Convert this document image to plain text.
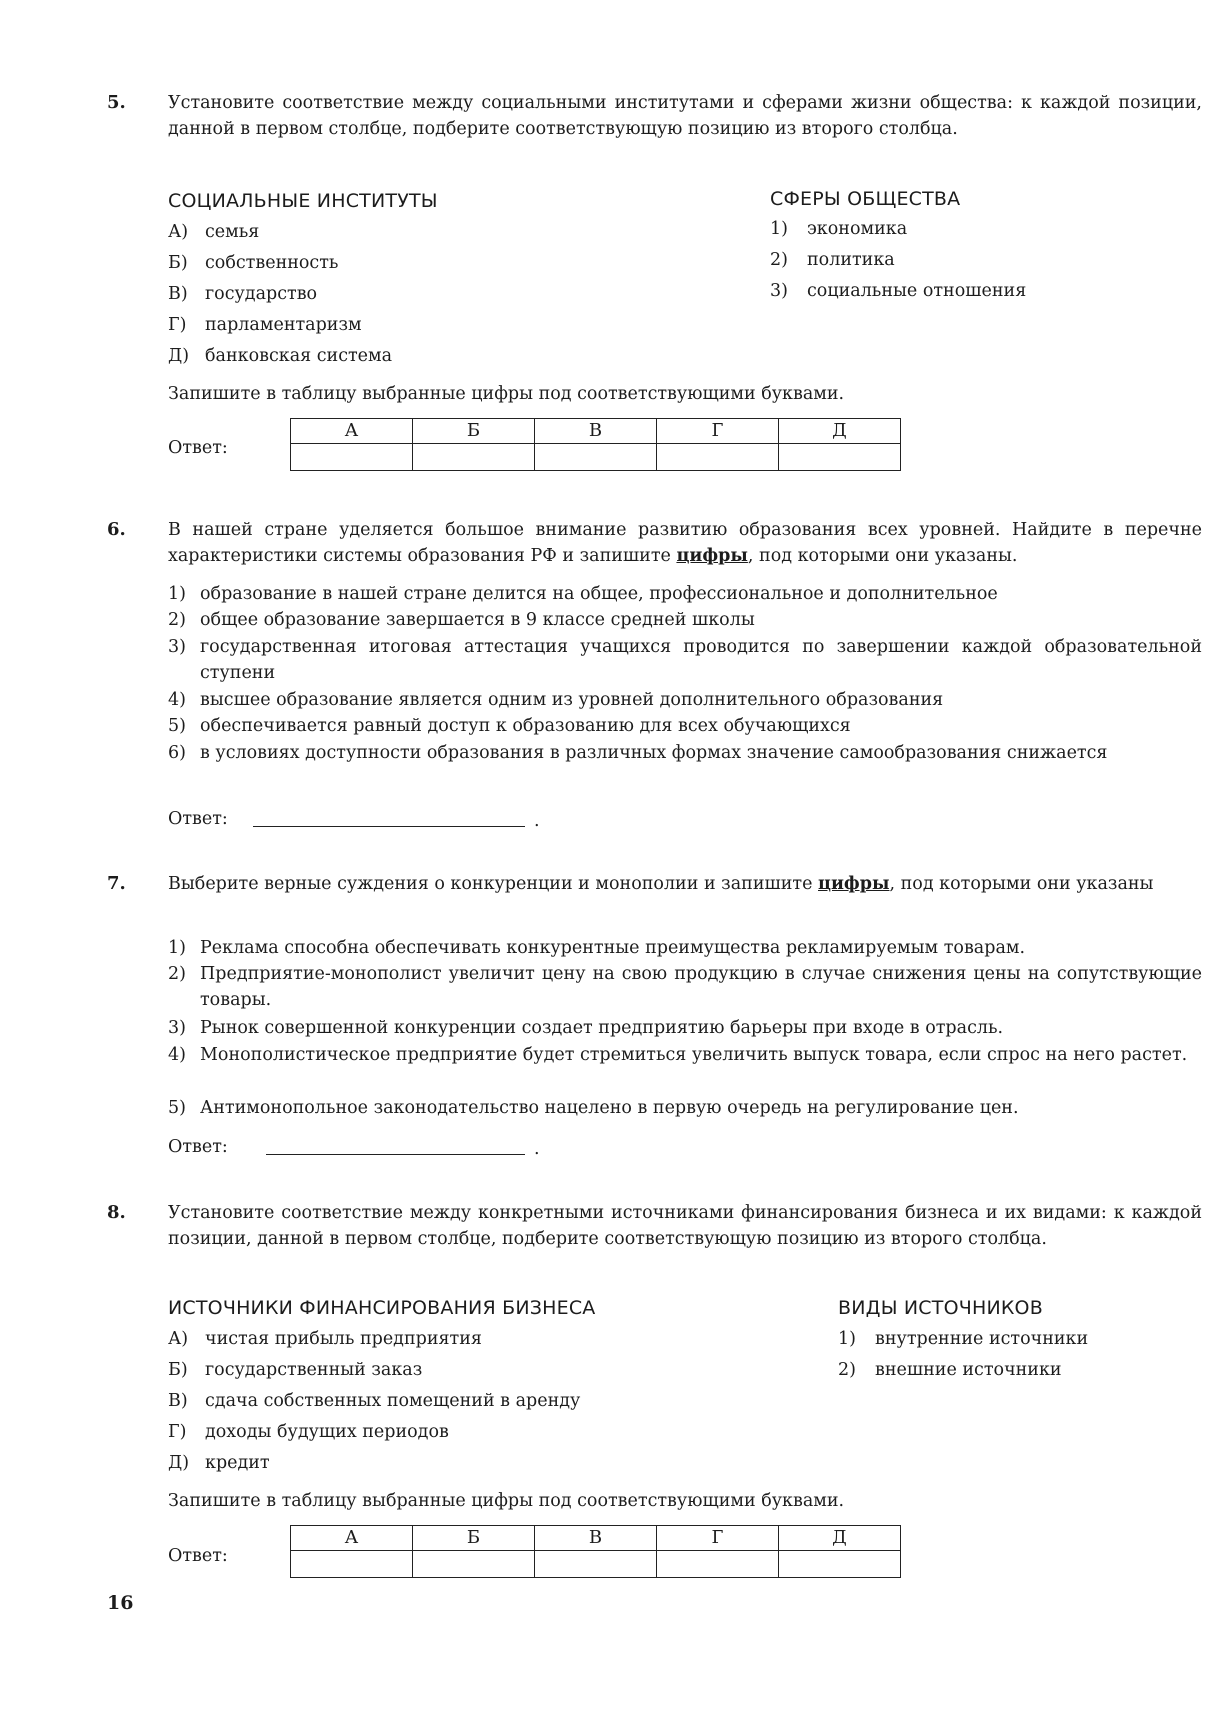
5. Установите соответствие между социальными институтами и сферами жизни общества: к каждой позиции, данной в первом столбце, подберите соответствующую позицию из второго столбца.
СОЦИАЛЬНЫЕ ИНСТИТУТЫ	СФЕРЫ ОБЩЕСТВА
А) семья
Б) собственность
В) государство
Г) парламентаризм
Д) банковская система
1) экономика
2) политика
3) социальные отношения
Запишите в таблицу выбранные цифры под соответствующими буквами.
Ответ:
А	Б	В	Г	Д

6. В нашей стране уделяется большое внимание развитию образования всех уровней. Найдите в перечне характеристики системы образования РФ и запишите цифры, под которыми они указаны.
1) образование в нашей стране делится на общее, профессиональное и дополнительное
2) общее образование завершается в 9 классе средней школы
3) государственная итоговая аттестация учащихся проводится по завершении каждой образовательной ступени
4) высшее образование является одним из уровней дополнительного образования
5) обеспечивается равный доступ к образованию для всех обучающихся
6) в условиях доступности образования в различных формах значение самообразования снижается
Ответ:	.
7. Выберите верные суждения о конкуренции и монополии и запишите цифры, под которыми они указаны
1) Реклама способна обеспечивать конкурентные преимущества рекламируемым товарам.
2) Предприятие-монополист увеличит цену на свою продукцию в случае снижения цены на сопутствующие товары.
3) Рынок совершенной конкуренции создает предприятию барьеры при входе в отрасль.
4) Монополистическое предприятие будет стремиться увеличить выпуск товара, если спрос на него растет.
5) Антимонопольное законодательство нацелено в первую очередь на регулирование цен.
Ответ:	.
8. Установите соответствие между конкретными источниками финансирования бизнеса и их видами: к каждой позиции, данной в первом столбце, подберите соответствующую позицию из второго столбца.
ИСТОЧНИКИ ФИНАНСИРОВАНИЯ БИЗНЕСА	ВИДЫ ИСТОЧНИКОВ
А) чистая прибыль предприятия
Б) государственный заказ
В) сдача собственных помещений в аренду
Г) доходы будущих периодов
Д) кредит
1) внутренние источники
2) внешние источники
Запишите в таблицу выбранные цифры под соответствующими буквами.
Ответ:
А	Б	В	Г	Д

16
